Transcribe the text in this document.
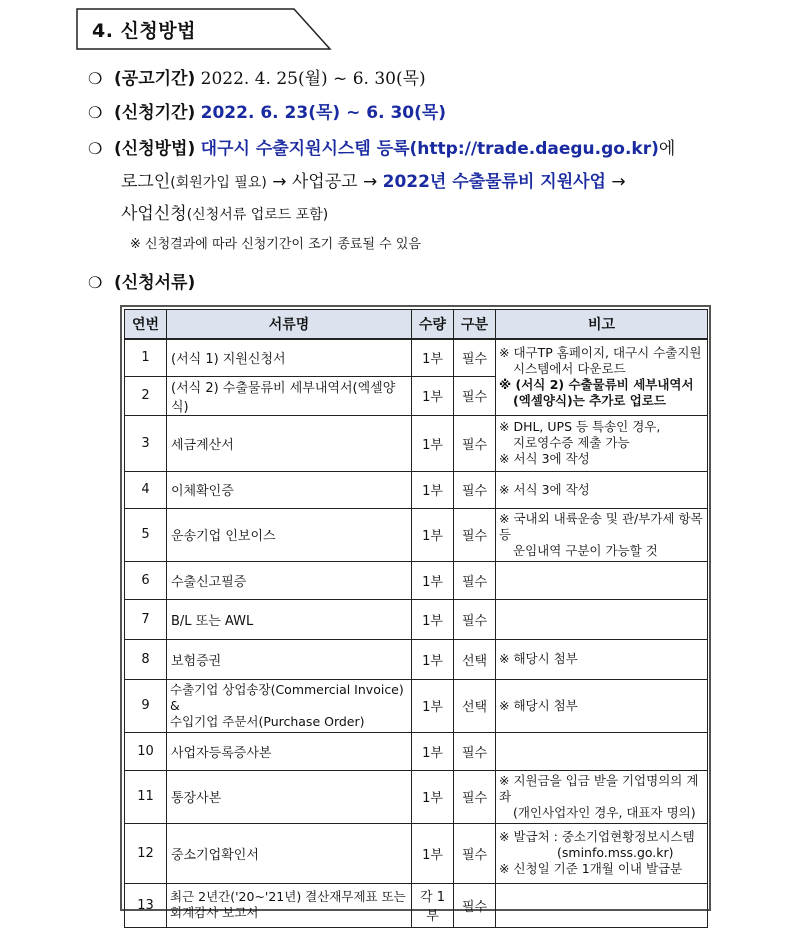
4. 신청방법
❍ (공고기간) 2022. 4. 25(월) ~ 6. 30(목)
❍ (신청기간) 2022. 6. 23(목) ~ 6. 30(목)
❍ (신청방법) 대구시 수출지원시스템 등록(http://trade.daegu.go.kr)에
로그인(회원가입 필요) → 사업공고 → 2022년 수출물류비 지원사업 →
사업신청(신청서류 업로드 포함)
※ 신청결과에 따라 신청기간이 조기 종료될 수 있음
❍ (신청서류)
연번	서류명	수량	구분	비고
1	(서식 1) 지원신청서	1부	필수	※ 대구TP 홈페이지, 대구시 수출지원
시스템에서 다운로드
※ (서식 2) 수출물류비 세부내역서
(엑셀양식)는 추가로 업로드

2	(서식 2) 수출물류비 세부내역서(엑셀양식)	1부	필수	
3	세금계산서	1부	필수	※ DHL, UPS 등 특송인 경우,
지로영수증 제출 가능
※ 서식 3에 작성

4	이체확인증	1부	필수	※ 서식 3에 작성
5	운송기업 인보이스	1부	필수	※ 국내외 내륙운송 및 관/부가세 항목 등
운임내역 구분이 가능할 것

6	수출신고필증	1부	필수	
7	B/L 또는 AWL	1부	필수	
8	보험증권	1부	선택	※ 해당시 첨부
9	수출기업 상업송장(Commercial Invoice) &
수입기업 주문서(Purchase Order)	1부	선택	※ 해당시 첨부
10	사업자등록증사본	1부	필수	
11	통장사본	1부	필수	※ 지원금을 입금 받을 기업명의의 계좌
(개인사업자인 경우, 대표자 명의)

12	중소기업확인서	1부	필수	※ 발급처 : 중소기업현황정보시스템
(sminfo.mss.go.kr)
※ 신청일 기준 1개월 이내 발급분

13	최근 2년간('20~'21년) 결산재무제표 또는
회계감사 보고서	각 1부	필수	
